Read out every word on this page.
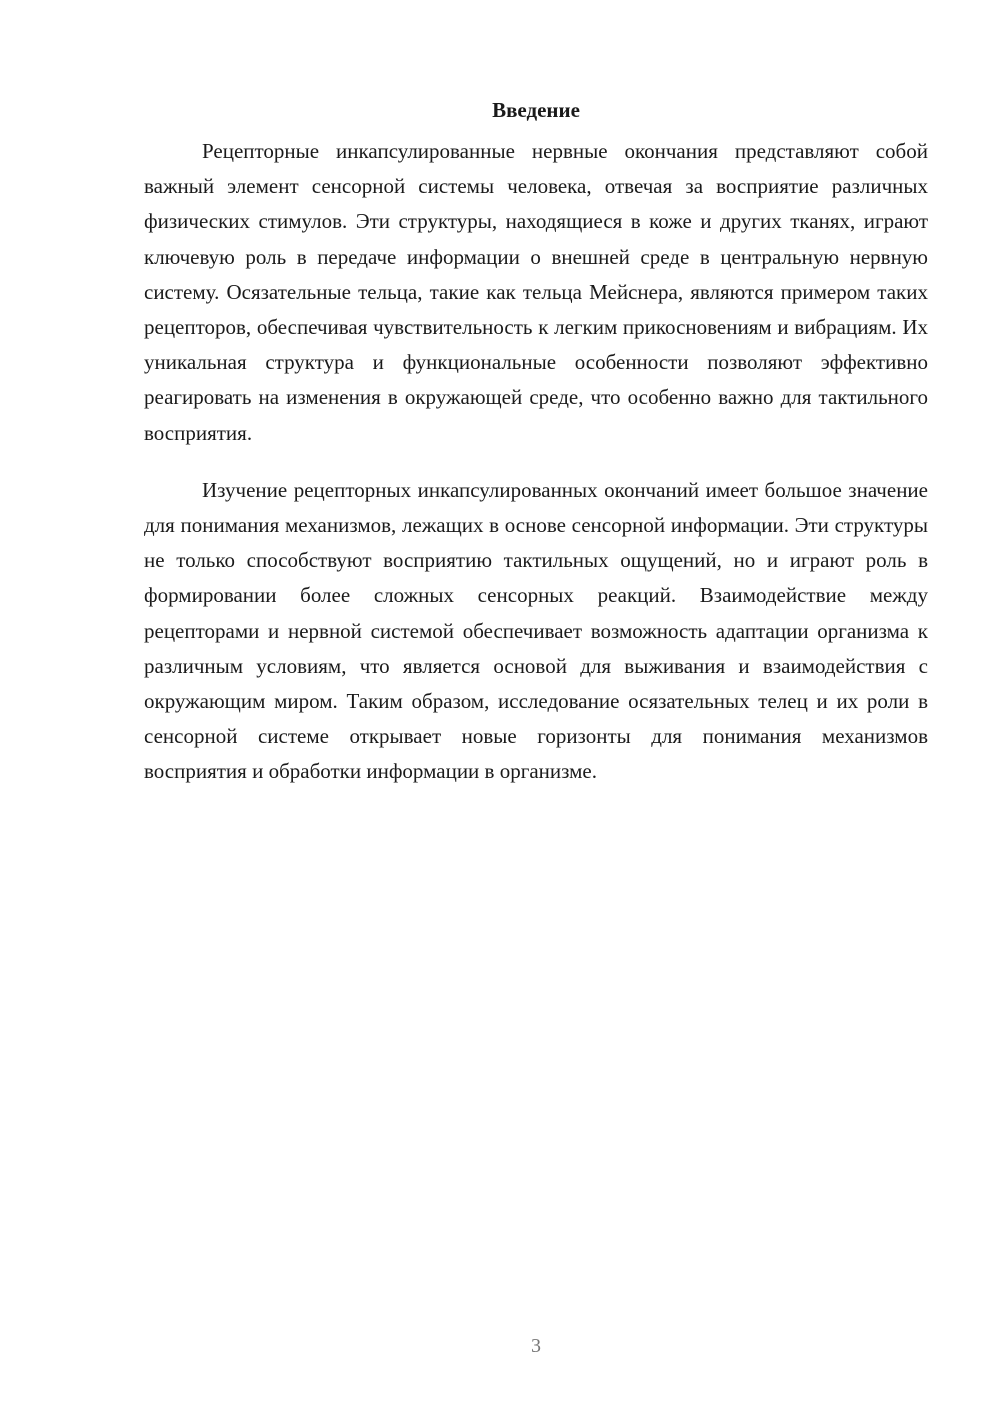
Введение

Рецепторные инкапсулированные нервные окончания представляют собой важный элемент сенсорной системы человека, отвечая за восприятие различных физических стимулов. Эти структуры, находящиеся в коже и других тканях, играют ключевую роль в передаче информации о внешней среде в центральную нервную систему. Осязательные тельца, такие как тельца Мейснера, являются примером таких рецепторов, обеспечивая чувствительность к легким прикосновениям и вибрациям. Их уникальная структура и функциональные особенности позволяют эффективно реагировать на изменения в окружающей среде, что особенно важно для тактильного восприятия.

Изучение рецепторных инкапсулированных окончаний имеет большое значение для понимания механизмов, лежащих в основе сенсорной информации. Эти структуры не только способствуют восприятию тактильных ощущений, но и играют роль в формировании более сложных сенсорных реакций. Взаимодействие между рецепторами и нервной системой обеспечивает возможность адаптации организма к различным условиям, что является основой для выживания и взаимодействия с окружающим миром. Таким образом, исследование осязательных телец и их роли в сенсорной системе открывает новые горизонты для понимания механизмов восприятия и обработки информации в организме.

3
